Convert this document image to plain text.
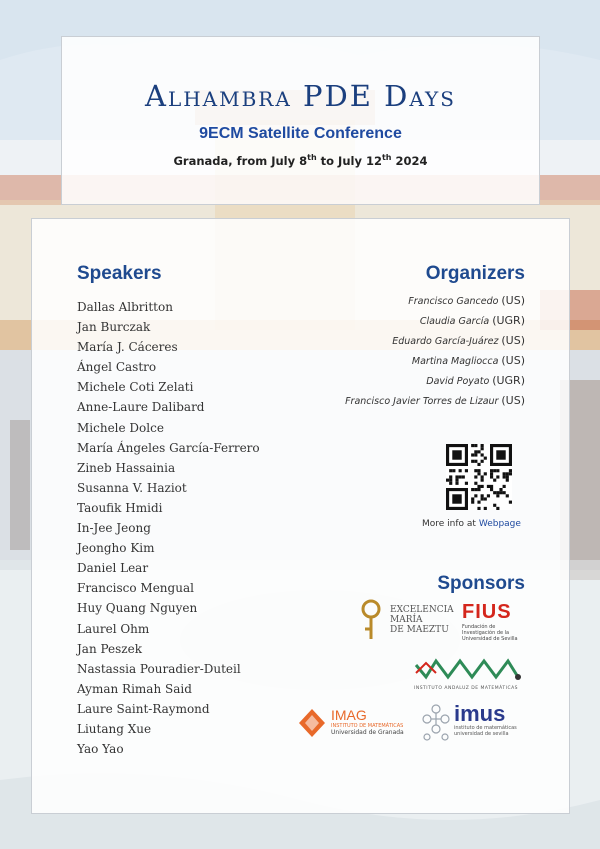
Alhambra PDE Days
9ECM Satellite Conference
Granada, from July 8th to July 12th 2024
Speakers
Dallas Albritton
Jan Burczak
María J. Cáceres
Ángel Castro
Michele Coti Zelati
Anne-Laure Dalibard
Michele Dolce
María Ángeles García-Ferrero
Zineb Hassainia
Susanna V. Haziot
Taoufik Hmidi
In-Jee Jeong
Jeongho Kim
Daniel Lear
Francisco Mengual
Huy Quang Nguyen
Laurel Ohm
Jan Peszek
Nastassia Pouradier-Duteil
Ayman Rimah Said
Laure Saint-Raymond
Liutang Xue
Yao Yao
Organizers
Francisco Gancedo (US)
Claudia García (UGR)
Eduardo García-Juárez (US)
Martina Magliocca (US)
David Poyato (UGR)
Francisco Javier Torres de Lizaur (US)
More info at Webpage
Sponsors
EXCELENCIA
MARÍA
DE MAEZTU
FIUS
Fundación de
Investigación de la
Universidad de Sevilla
INSTITUTO ANDALUZ DE MATEMÁTICAS
IMAG
INSTITUTO DE MATEMÁTICAS
Universidad de Granada
imus
instituto de matemáticas
universidad de sevilla
